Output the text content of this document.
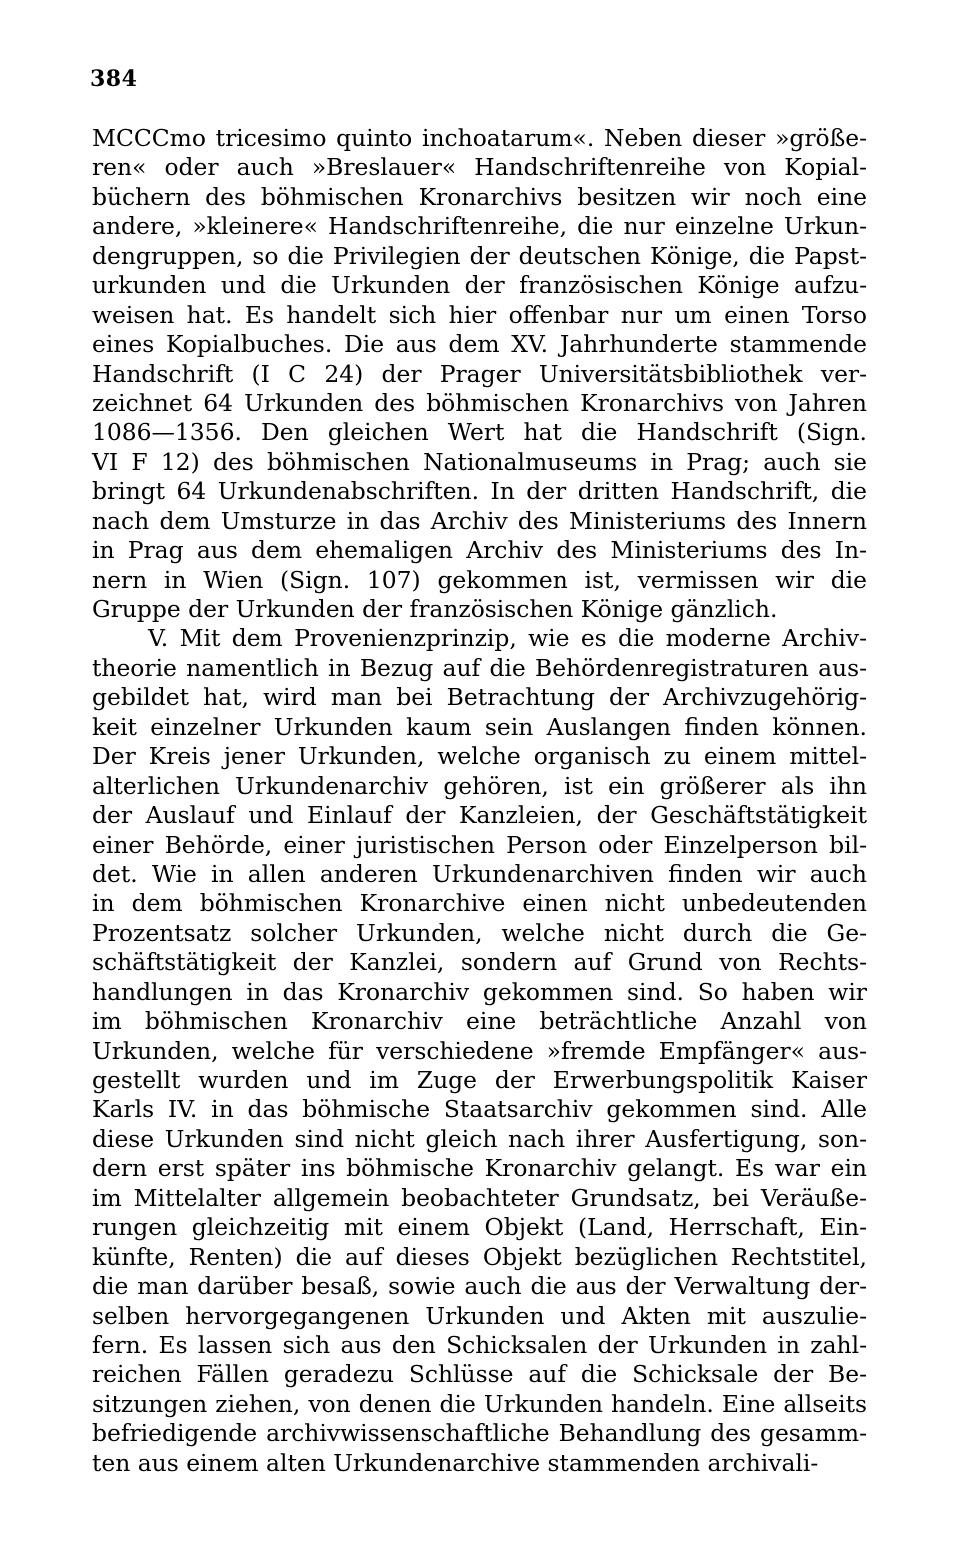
384
MCCCmo tricesimo quinto inchoatarum«. Neben dieser »größe-
ren« oder auch »Breslauer« Handschriftenreihe von Kopial-
büchern des böhmischen Kronarchivs besitzen wir noch eine
andere, »kleinere« Handschriftenreihe, die nur einzelne Urkun-
dengruppen, so die Privilegien der deutschen Könige, die Papst-
urkunden und die Urkunden der französischen Könige aufzu-
weisen hat. Es handelt sich hier offenbar nur um einen Torso
eines Kopialbuches. Die aus dem XV. Jahrhunderte stammende
Handschrift (I C 24) der Prager Universitätsbibliothek ver-
zeichnet 64 Urkunden des böhmischen Kronarchivs von Jahren
1086—1356. Den gleichen Wert hat die Handschrift (Sign.
VI F 12) des böhmischen Nationalmuseums in Prag; auch sie
bringt 64 Urkundenabschriften. In der dritten Handschrift, die
nach dem Umsturze in das Archiv des Ministeriums des Innern
in Prag aus dem ehemaligen Archiv des Ministeriums des In-
nern in Wien (Sign. 107) gekommen ist, vermissen wir die
Gruppe der Urkunden der französischen Könige gänzlich.
V. Mit dem Provenienzprinzip, wie es die moderne Archiv-
theorie namentlich in Bezug auf die Behördenregistraturen aus-
gebildet hat, wird man bei Betrachtung der Archivzugehörig-
keit einzelner Urkunden kaum sein Auslangen finden können.
Der Kreis jener Urkunden, welche organisch zu einem mittel-
alterlichen Urkundenarchiv gehören, ist ein größerer als ihn
der Auslauf und Einlauf der Kanzleien, der Geschäftstätigkeit
einer Behörde, einer juristischen Person oder Einzelperson bil-
det. Wie in allen anderen Urkundenarchiven finden wir auch
in dem böhmischen Kronarchive einen nicht unbedeutenden
Prozentsatz solcher Urkunden, welche nicht durch die Ge-
schäftstätigkeit der Kanzlei, sondern auf Grund von Rechts-
handlungen in das Kronarchiv gekommen sind. So haben wir
im böhmischen Kronarchiv eine beträchtliche Anzahl von
Urkunden, welche für verschiedene »fremde Empfänger« aus-
gestellt wurden und im Zuge der Erwerbungspolitik Kaiser
Karls IV. in das böhmische Staatsarchiv gekommen sind. Alle
diese Urkunden sind nicht gleich nach ihrer Ausfertigung, son-
dern erst später ins böhmische Kronarchiv gelangt. Es war ein
im Mittelalter allgemein beobachteter Grundsatz, bei Veräuße-
rungen gleichzeitig mit einem Objekt (Land, Herrschaft, Ein-
künfte, Renten) die auf dieses Objekt bezüglichen Rechtstitel,
die man darüber besaß, sowie auch die aus der Verwaltung der-
selben hervorgegangenen Urkunden und Akten mit auszulie-
fern. Es lassen sich aus den Schicksalen der Urkunden in zahl-
reichen Fällen geradezu Schlüsse auf die Schicksale der Be-
sitzungen ziehen, von denen die Urkunden handeln. Eine allseits
befriedigende archivwissenschaftliche Behandlung des gesamm-
ten aus einem alten Urkundenarchive stammenden archivali-
